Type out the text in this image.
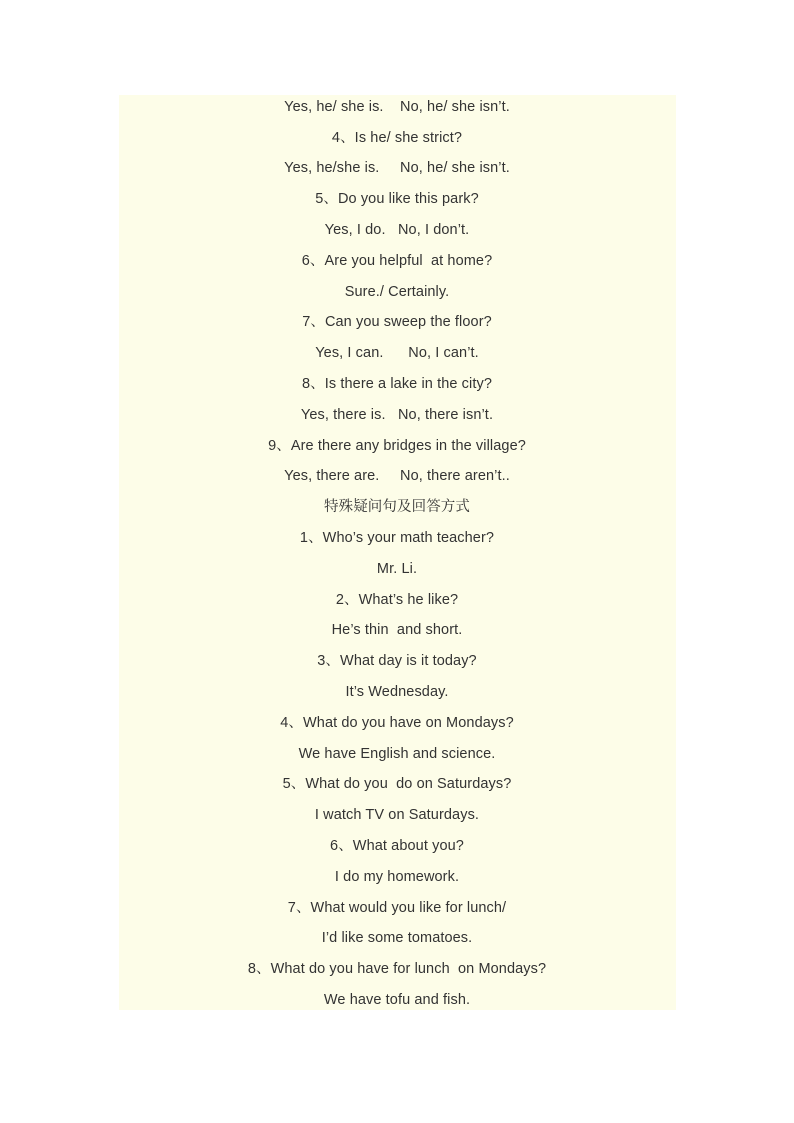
Yes, he/ she is.    No, he/ she isn’t.
4、Is he/ she strict?
Yes, he/she is.     No, he/ she isn’t.
5、Do you like this park?
Yes, I do.   No, I don’t.
6、Are you helpful  at home?
Sure./ Certainly.
7、Can you sweep the floor?
Yes, I can.      No, I can’t.
8、Is there a lake in the city?
Yes, there is.   No, there isn’t.
9、Are there any bridges in the village?
Yes, there are.     No, there aren’t..
特殊疑问句及回答方式
1、Who’s your math teacher?
Mr. Li.
2、What’s he like?
He’s thin  and short.
3、What day is it today?
It’s Wednesday.
4、What do you have on Mondays?
We have English and science.
5、What do you  do on Saturdays?
I watch TV on Saturdays.
6、What about you?
I do my homework.
7、What would you like for lunch/
I’d like some tomatoes.
8、What do you have for lunch  on Mondays?
We have tofu and fish.
